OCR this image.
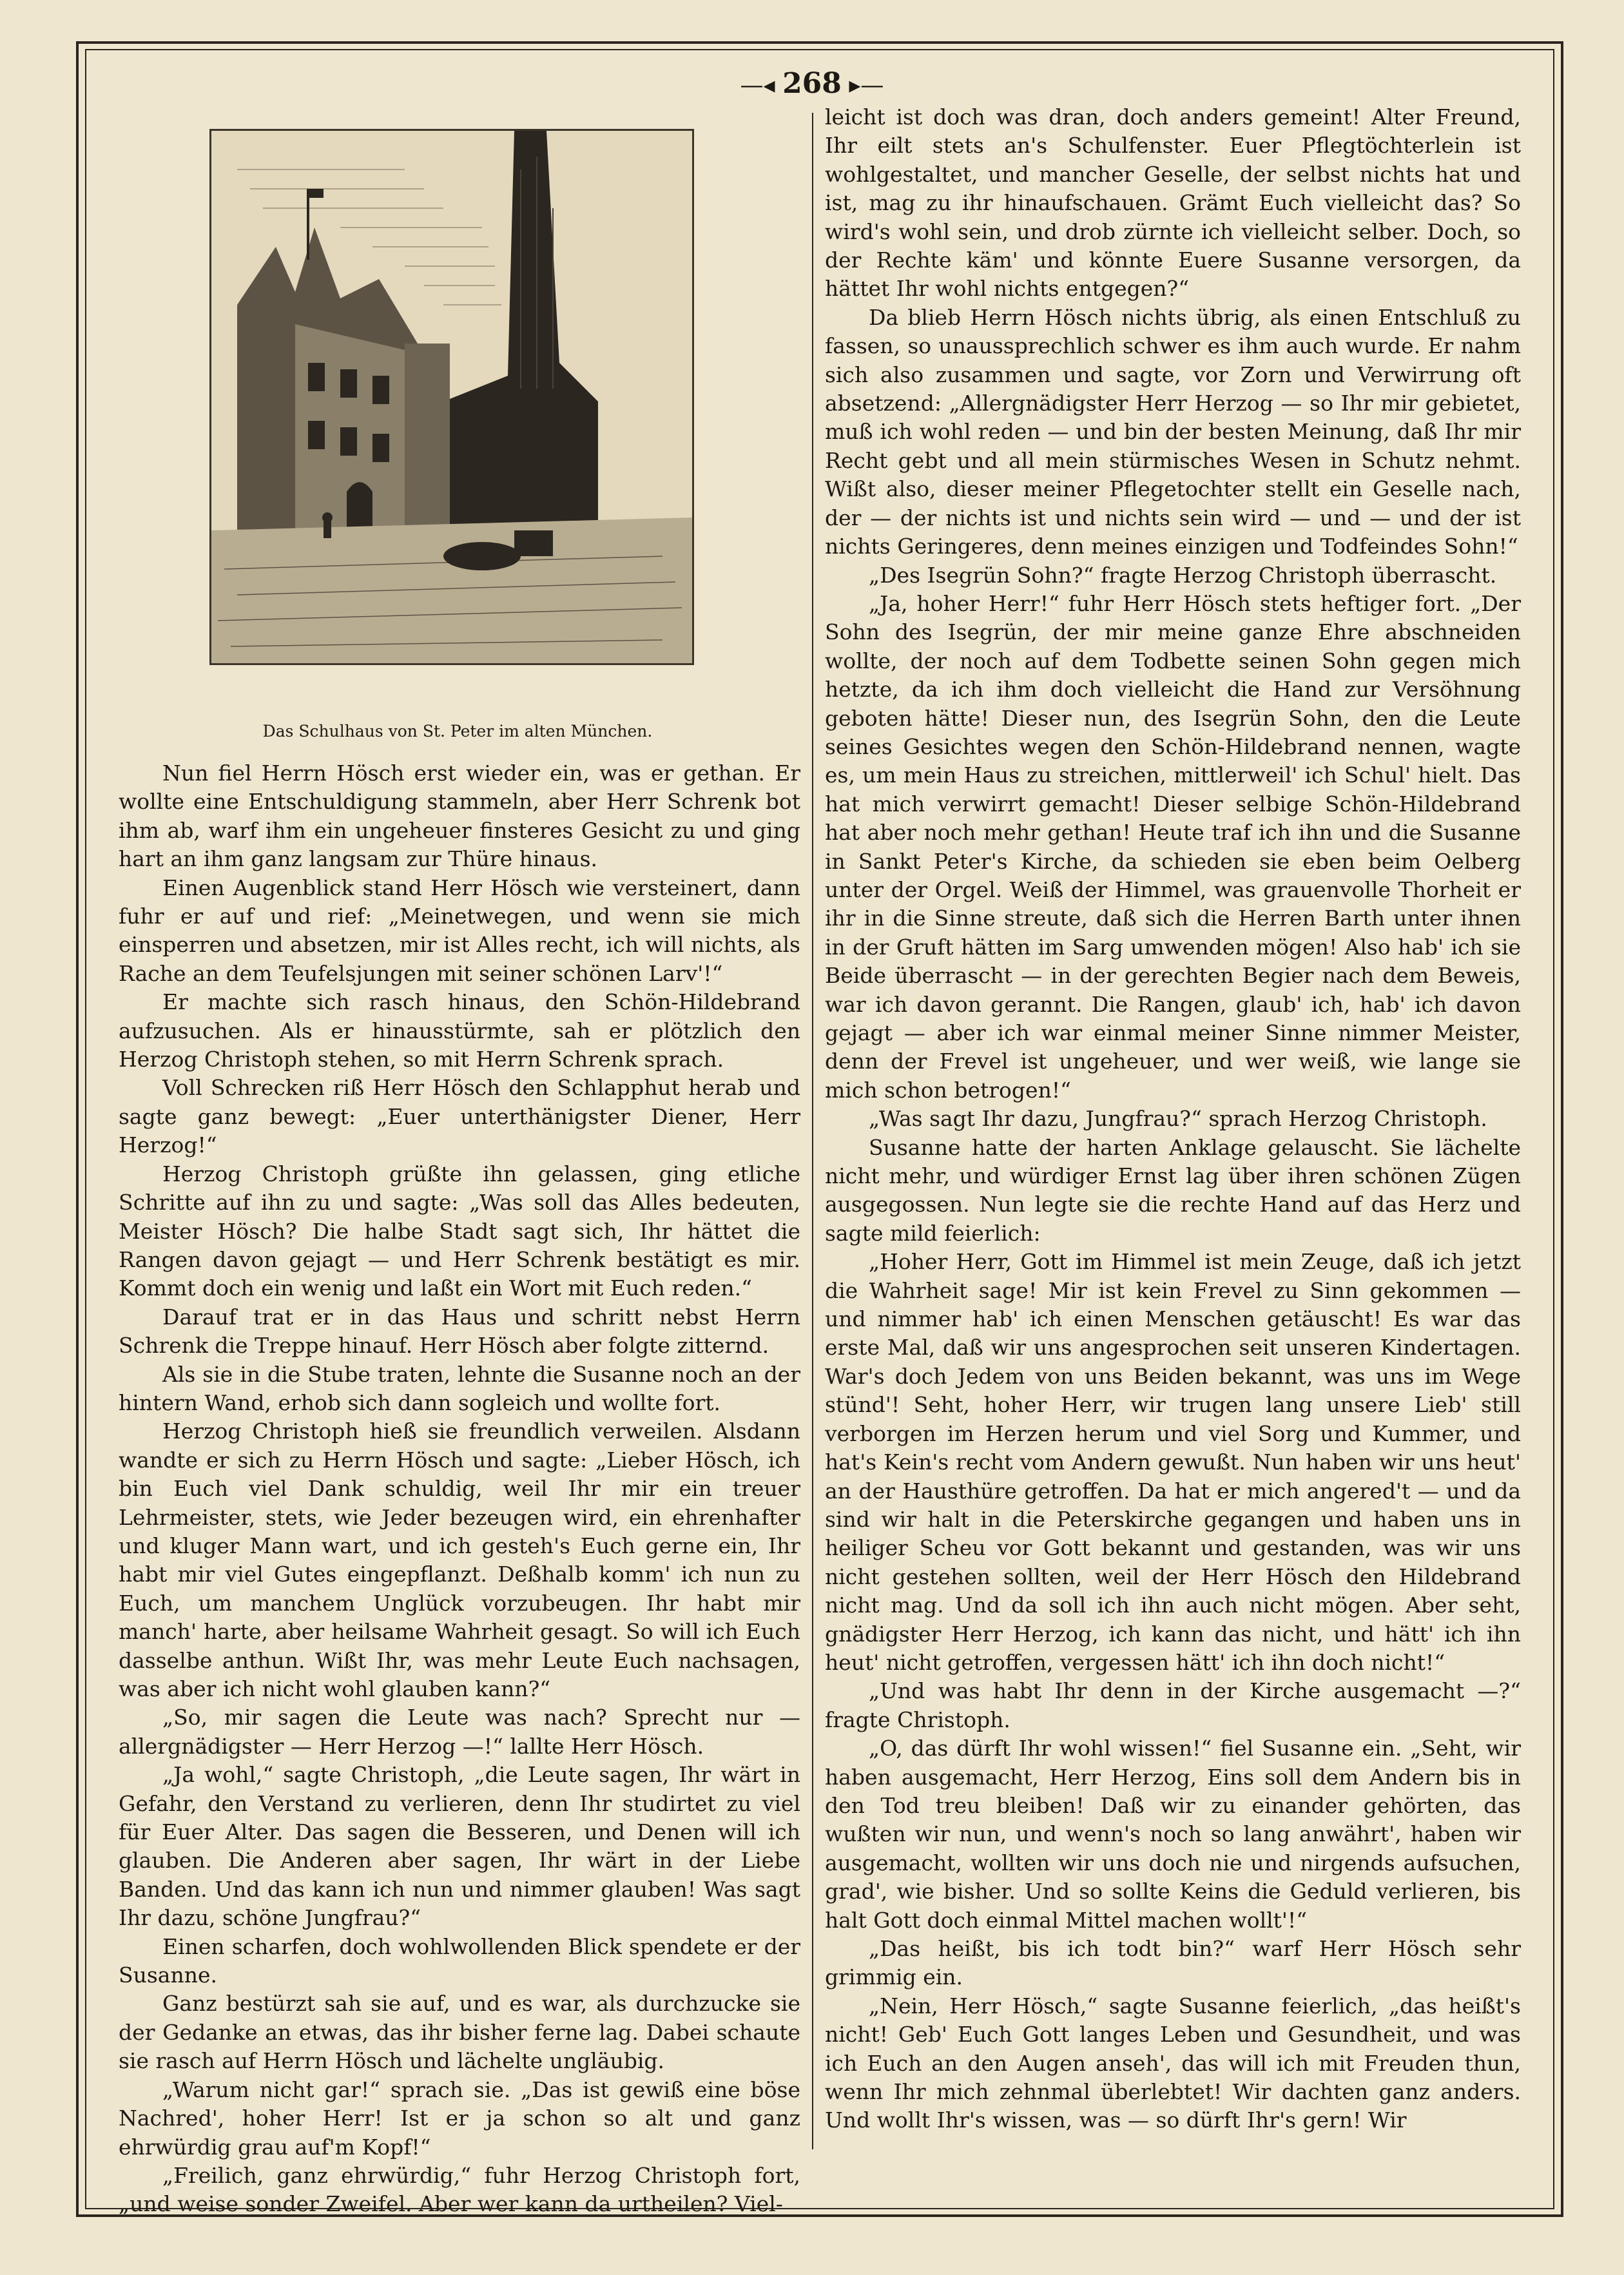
—◂ 268 ▸—
Das Schulhaus von St. Peter im alten München.

Nun fiel Herrn Hösch erst wieder ein, was er gethan. Er wollte eine Entschuldigung stammeln, aber Herr Schrenk bot ihm ab, warf ihm ein ungeheuer finsteres Gesicht zu und ging hart an ihm ganz langsam zur Thüre hinaus.

Einen Augenblick stand Herr Hösch wie versteinert, dann fuhr er auf und rief: „Meinetwegen, und wenn sie mich einsperren und absetzen, mir ist Alles recht, ich will nichts, als Rache an dem Teufelsjungen mit seiner schönen Larv'!“

Er machte sich rasch hinaus, den Schön-Hildebrand aufzusuchen. Als er hinausstürmte, sah er plötzlich den Herzog Christoph stehen, so mit Herrn Schrenk sprach.

Voll Schrecken riß Herr Hösch den Schlapphut herab und sagte ganz bewegt: „Euer unterthänigster Diener, Herr Herzog!“

Herzog Christoph grüßte ihn gelassen, ging etliche Schritte auf ihn zu und sagte: „Was soll das Alles bedeuten, Meister Hösch? Die halbe Stadt sagt sich, Ihr hättet die Rangen davon gejagt — und Herr Schrenk bestätigt es mir. Kommt doch ein wenig und laßt ein Wort mit Euch reden.“

Darauf trat er in das Haus und schritt nebst Herrn Schrenk die Treppe hinauf. Herr Hösch aber folgte zitternd.

Als sie in die Stube traten, lehnte die Susanne noch an der hintern Wand, erhob sich dann sogleich und wollte fort.

Herzog Christoph hieß sie freundlich verweilen. Alsdann wandte er sich zu Herrn Hösch und sagte: „Lieber Hösch, ich bin Euch viel Dank schuldig, weil Ihr mir ein treuer Lehrmeister, stets, wie Jeder bezeugen wird, ein ehrenhafter und kluger Mann wart, und ich gesteh's Euch gerne ein, Ihr habt mir viel Gutes eingepflanzt. Deßhalb komm' ich nun zu Euch, um manchem Unglück vorzubeugen. Ihr habt mir manch' harte, aber heilsame Wahrheit gesagt. So will ich Euch dasselbe anthun. Wißt Ihr, was mehr Leute Euch nachsagen, was aber ich nicht wohl glauben kann?“

„So, mir sagen die Leute was nach? Sprecht nur — allergnädigster — Herr Herzog —!“ lallte Herr Hösch.

„Ja wohl,“ sagte Christoph, „die Leute sagen, Ihr wärt in Gefahr, den Verstand zu verlieren, denn Ihr studirtet zu viel für Euer Alter. Das sagen die Besseren, und Denen will ich glauben. Die Anderen aber sagen, Ihr wärt in der Liebe Banden. Und das kann ich nun und nimmer glauben! Was sagt Ihr dazu, schöne Jungfrau?“

Einen scharfen, doch wohlwollenden Blick spendete er der Susanne.

Ganz bestürzt sah sie auf, und es war, als durchzucke sie der Gedanke an etwas, das ihr bisher ferne lag. Dabei schaute sie rasch auf Herrn Hösch und lächelte ungläubig.

„Warum nicht gar!“ sprach sie. „Das ist gewiß eine böse Nachred', hoher Herr! Ist er ja schon so alt und ganz ehrwürdig grau auf'm Kopf!“

„Freilich, ganz ehrwürdig,“ fuhr Herzog Christoph fort, „und weise sonder Zweifel. Aber wer kann da urtheilen? Viel-

leicht ist doch was dran, doch anders gemeint! Alter Freund, Ihr eilt stets an's Schulfenster. Euer Pflegtöchterlein ist wohlgestaltet, und mancher Geselle, der selbst nichts hat und ist, mag zu ihr hinaufschauen. Grämt Euch vielleicht das? So wird's wohl sein, und drob zürnte ich vielleicht selber. Doch, so der Rechte käm' und könnte Euere Susanne versorgen, da hättet Ihr wohl nichts entgegen?“

Da blieb Herrn Hösch nichts übrig, als einen Entschluß zu fassen, so unaussprechlich schwer es ihm auch wurde. Er nahm sich also zusammen und sagte, vor Zorn und Verwirrung oft absetzend: „Allergnädigster Herr Herzog — so Ihr mir gebietet, muß ich wohl reden — und bin der besten Meinung, daß Ihr mir Recht gebt und all mein stürmisches Wesen in Schutz nehmt. Wißt also, dieser meiner Pflegetochter stellt ein Geselle nach, der — der nichts ist und nichts sein wird — und — und der ist nichts Geringeres, denn meines einzigen und Todfeindes Sohn!“

„Des Isegrün Sohn?“ fragte Herzog Christoph überrascht.

„Ja, hoher Herr!“ fuhr Herr Hösch stets heftiger fort. „Der Sohn des Isegrün, der mir meine ganze Ehre abschneiden wollte, der noch auf dem Todbette seinen Sohn gegen mich hetzte, da ich ihm doch vielleicht die Hand zur Versöhnung geboten hätte! Dieser nun, des Isegrün Sohn, den die Leute seines Gesichtes wegen den Schön-Hildebrand nennen, wagte es, um mein Haus zu streichen, mittlerweil' ich Schul' hielt. Das hat mich verwirrt gemacht! Dieser selbige Schön-Hildebrand hat aber noch mehr gethan! Heute traf ich ihn und die Susanne in Sankt Peter's Kirche, da schieden sie eben beim Oelberg unter der Orgel. Weiß der Himmel, was grauenvolle Thorheit er ihr in die Sinne streute, daß sich die Herren Barth unter ihnen in der Gruft hätten im Sarg umwenden mögen! Also hab' ich sie Beide überrascht — in der gerechten Begier nach dem Beweis, war ich davon gerannt. Die Rangen, glaub' ich, hab' ich davon gejagt — aber ich war einmal meiner Sinne nimmer Meister, denn der Frevel ist ungeheuer, und wer weiß, wie lange sie mich schon betrogen!“

„Was sagt Ihr dazu, Jungfrau?“ sprach Herzog Christoph.

Susanne hatte der harten Anklage gelauscht. Sie lächelte nicht mehr, und würdiger Ernst lag über ihren schönen Zügen ausgegossen. Nun legte sie die rechte Hand auf das Herz und sagte mild feierlich:

„Hoher Herr, Gott im Himmel ist mein Zeuge, daß ich jetzt die Wahrheit sage! Mir ist kein Frevel zu Sinn gekommen — und nimmer hab' ich einen Menschen getäuscht! Es war das erste Mal, daß wir uns angesprochen seit unseren Kindertagen. War's doch Jedem von uns Beiden bekannt, was uns im Wege stünd'! Seht, hoher Herr, wir trugen lang unsere Lieb' still verborgen im Herzen herum und viel Sorg und Kummer, und hat's Kein's recht vom Andern gewußt. Nun haben wir uns heut' an der Hausthüre getroffen. Da hat er mich angered't — und da sind wir halt in die Peterskirche gegangen und haben uns in heiliger Scheu vor Gott bekannt und gestanden, was wir uns nicht gestehen sollten, weil der Herr Hösch den Hildebrand nicht mag. Und da soll ich ihn auch nicht mögen. Aber seht, gnädigster Herr Herzog, ich kann das nicht, und hätt' ich ihn heut' nicht getroffen, vergessen hätt' ich ihn doch nicht!“

„Und was habt Ihr denn in der Kirche ausgemacht —?“ fragte Christoph.

„O, das dürft Ihr wohl wissen!“ fiel Susanne ein. „Seht, wir haben ausgemacht, Herr Herzog, Eins soll dem Andern bis in den Tod treu bleiben! Daß wir zu einander gehörten, das wußten wir nun, und wenn's noch so lang anwährt', haben wir ausgemacht, wollten wir uns doch nie und nirgends aufsuchen, grad', wie bisher. Und so sollte Keins die Geduld verlieren, bis halt Gott doch einmal Mittel machen wollt'!“

„Das heißt, bis ich todt bin?“ warf Herr Hösch sehr grimmig ein.

„Nein, Herr Hösch,“ sagte Susanne feierlich, „das heißt's nicht! Geb' Euch Gott langes Leben und Gesundheit, und was ich Euch an den Augen anseh', das will ich mit Freuden thun, wenn Ihr mich zehnmal überlebtet! Wir dachten ganz anders. Und wollt Ihr's wissen, was — so dürft Ihr's gern! Wir
